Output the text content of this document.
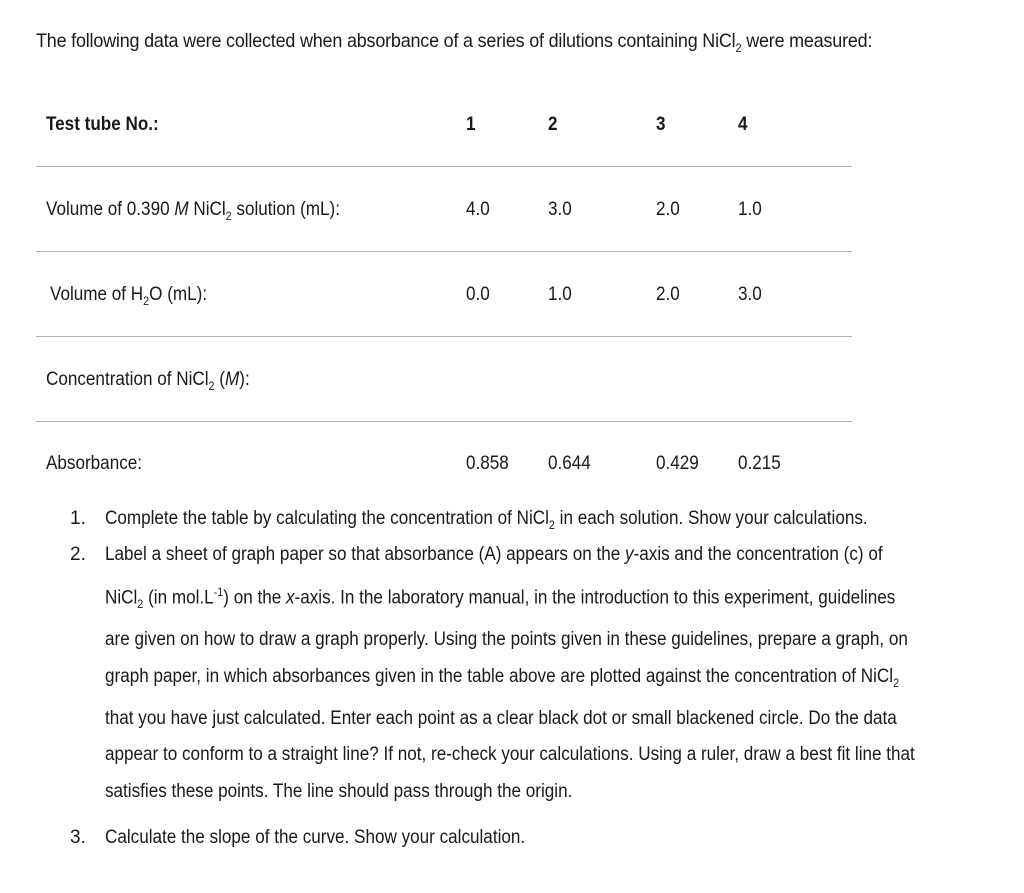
The following data were collected when absorbance of a series of dilutions containing NiCl$_2$ were measured:
Test tube No.:	1	2	3	4
Volume of 0.390 M NiCl$_2$ solution (mL):	4.0	3.0	2.0	1.0
Volume of $H_2O$ (mL):	0.0	1.0	2.0	3.0
Concentration of NiCl$_2$ (M):
Absorbance:	0.858 0.644	0.429 0.215
1. Complete the table by calculating the concentration of NiCl$_2$ in each solution. Show your calculations.
2. Label a sheet of graph paper so that absorbance (A) appears on the y-axis and the concentration (c) of NiCl$_2$ (in $mol.L^{-1}$) on the x-axis. In the laboratory manual, in the introduction to this experiment, guidelines are given on how to draw a graph properly. Using the points given in these guidelines, prepare a graph, on graph paper, in which absorbances given in the table above are plotted against the concentration of NiCl$_2$ that you have just calculated. Enter each point as a clear black dot or small blackened circle. Do the data appear to conform to a straight line? If not, re-check your calculations. Using a ruler, draw a best fit line that satisfies these points. The line should pass through the origin.
3. Calculate the slope of the curve. Show your calculation.
